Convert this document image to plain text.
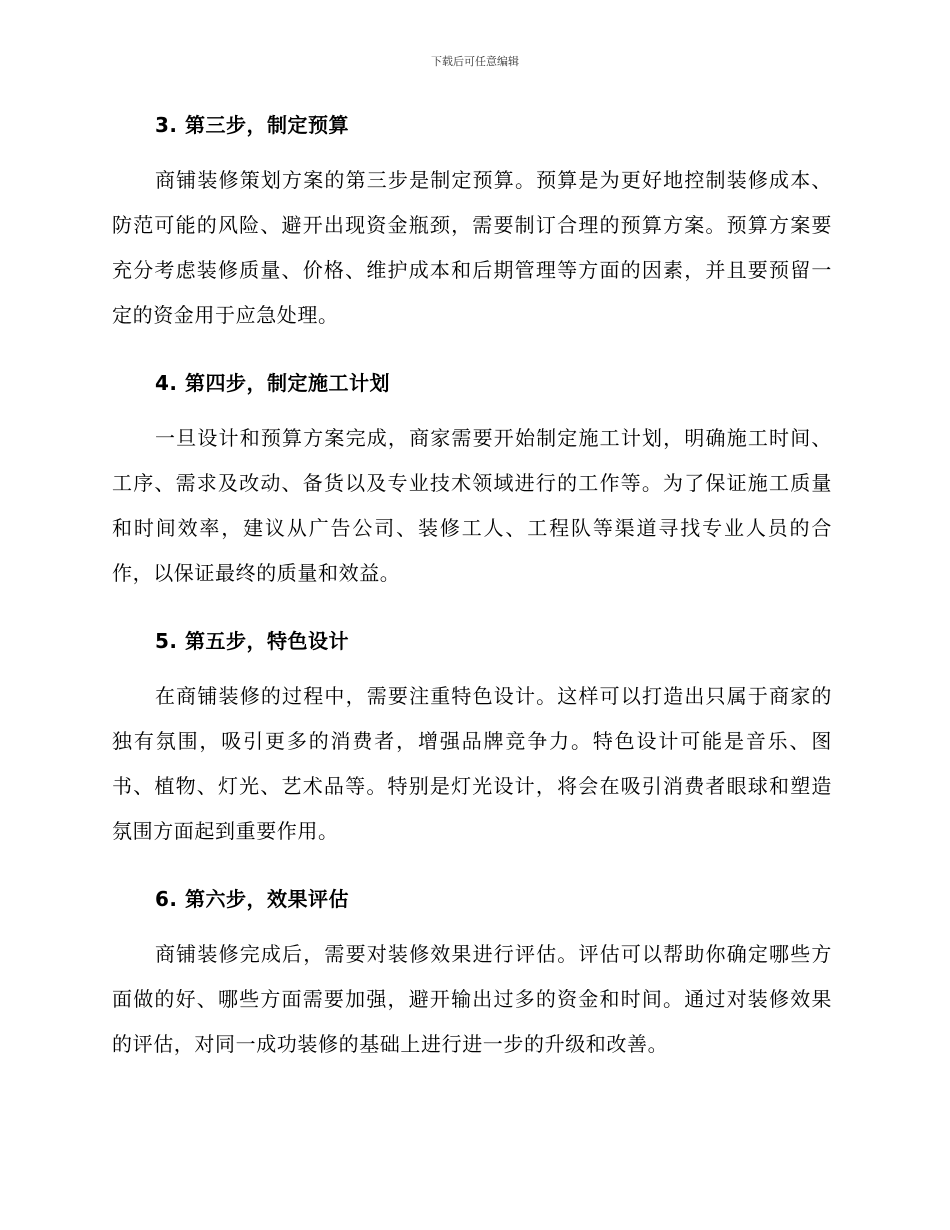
下载后可任意编辑

3. 第三步，制定预算

商铺装修策划方案的第三步是制定预算。预算是为更好地控制装修成本、防范可能的风险、避开出现资金瓶颈，需要制订合理的预算方案。预算方案要充分考虑装修质量、价格、维护成本和后期管理等方面的因素，并且要预留一定的资金用于应急处理。

4. 第四步，制定施工计划

一旦设计和预算方案完成，商家需要开始制定施工计划，明确施工时间、工序、需求及改动、备货以及专业技术领域进行的工作等。为了保证施工质量和时间效率，建议从广告公司、装修工人、工程队等渠道寻找专业人员的合作，以保证最终的质量和效益。

5. 第五步，特色设计

在商铺装修的过程中，需要注重特色设计。这样可以打造出只属于商家的独有氛围，吸引更多的消费者，增强品牌竞争力。特色设计可能是音乐、图书、植物、灯光、艺术品等。特别是灯光设计，将会在吸引消费者眼球和塑造氛围方面起到重要作用。

6. 第六步，效果评估

商铺装修完成后，需要对装修效果进行评估。评估可以帮助你确定哪些方面做的好、哪些方面需要加强，避开输出过多的资金和时间。通过对装修效果的评估，对同一成功装修的基础上进行进一步的升级和改善。
